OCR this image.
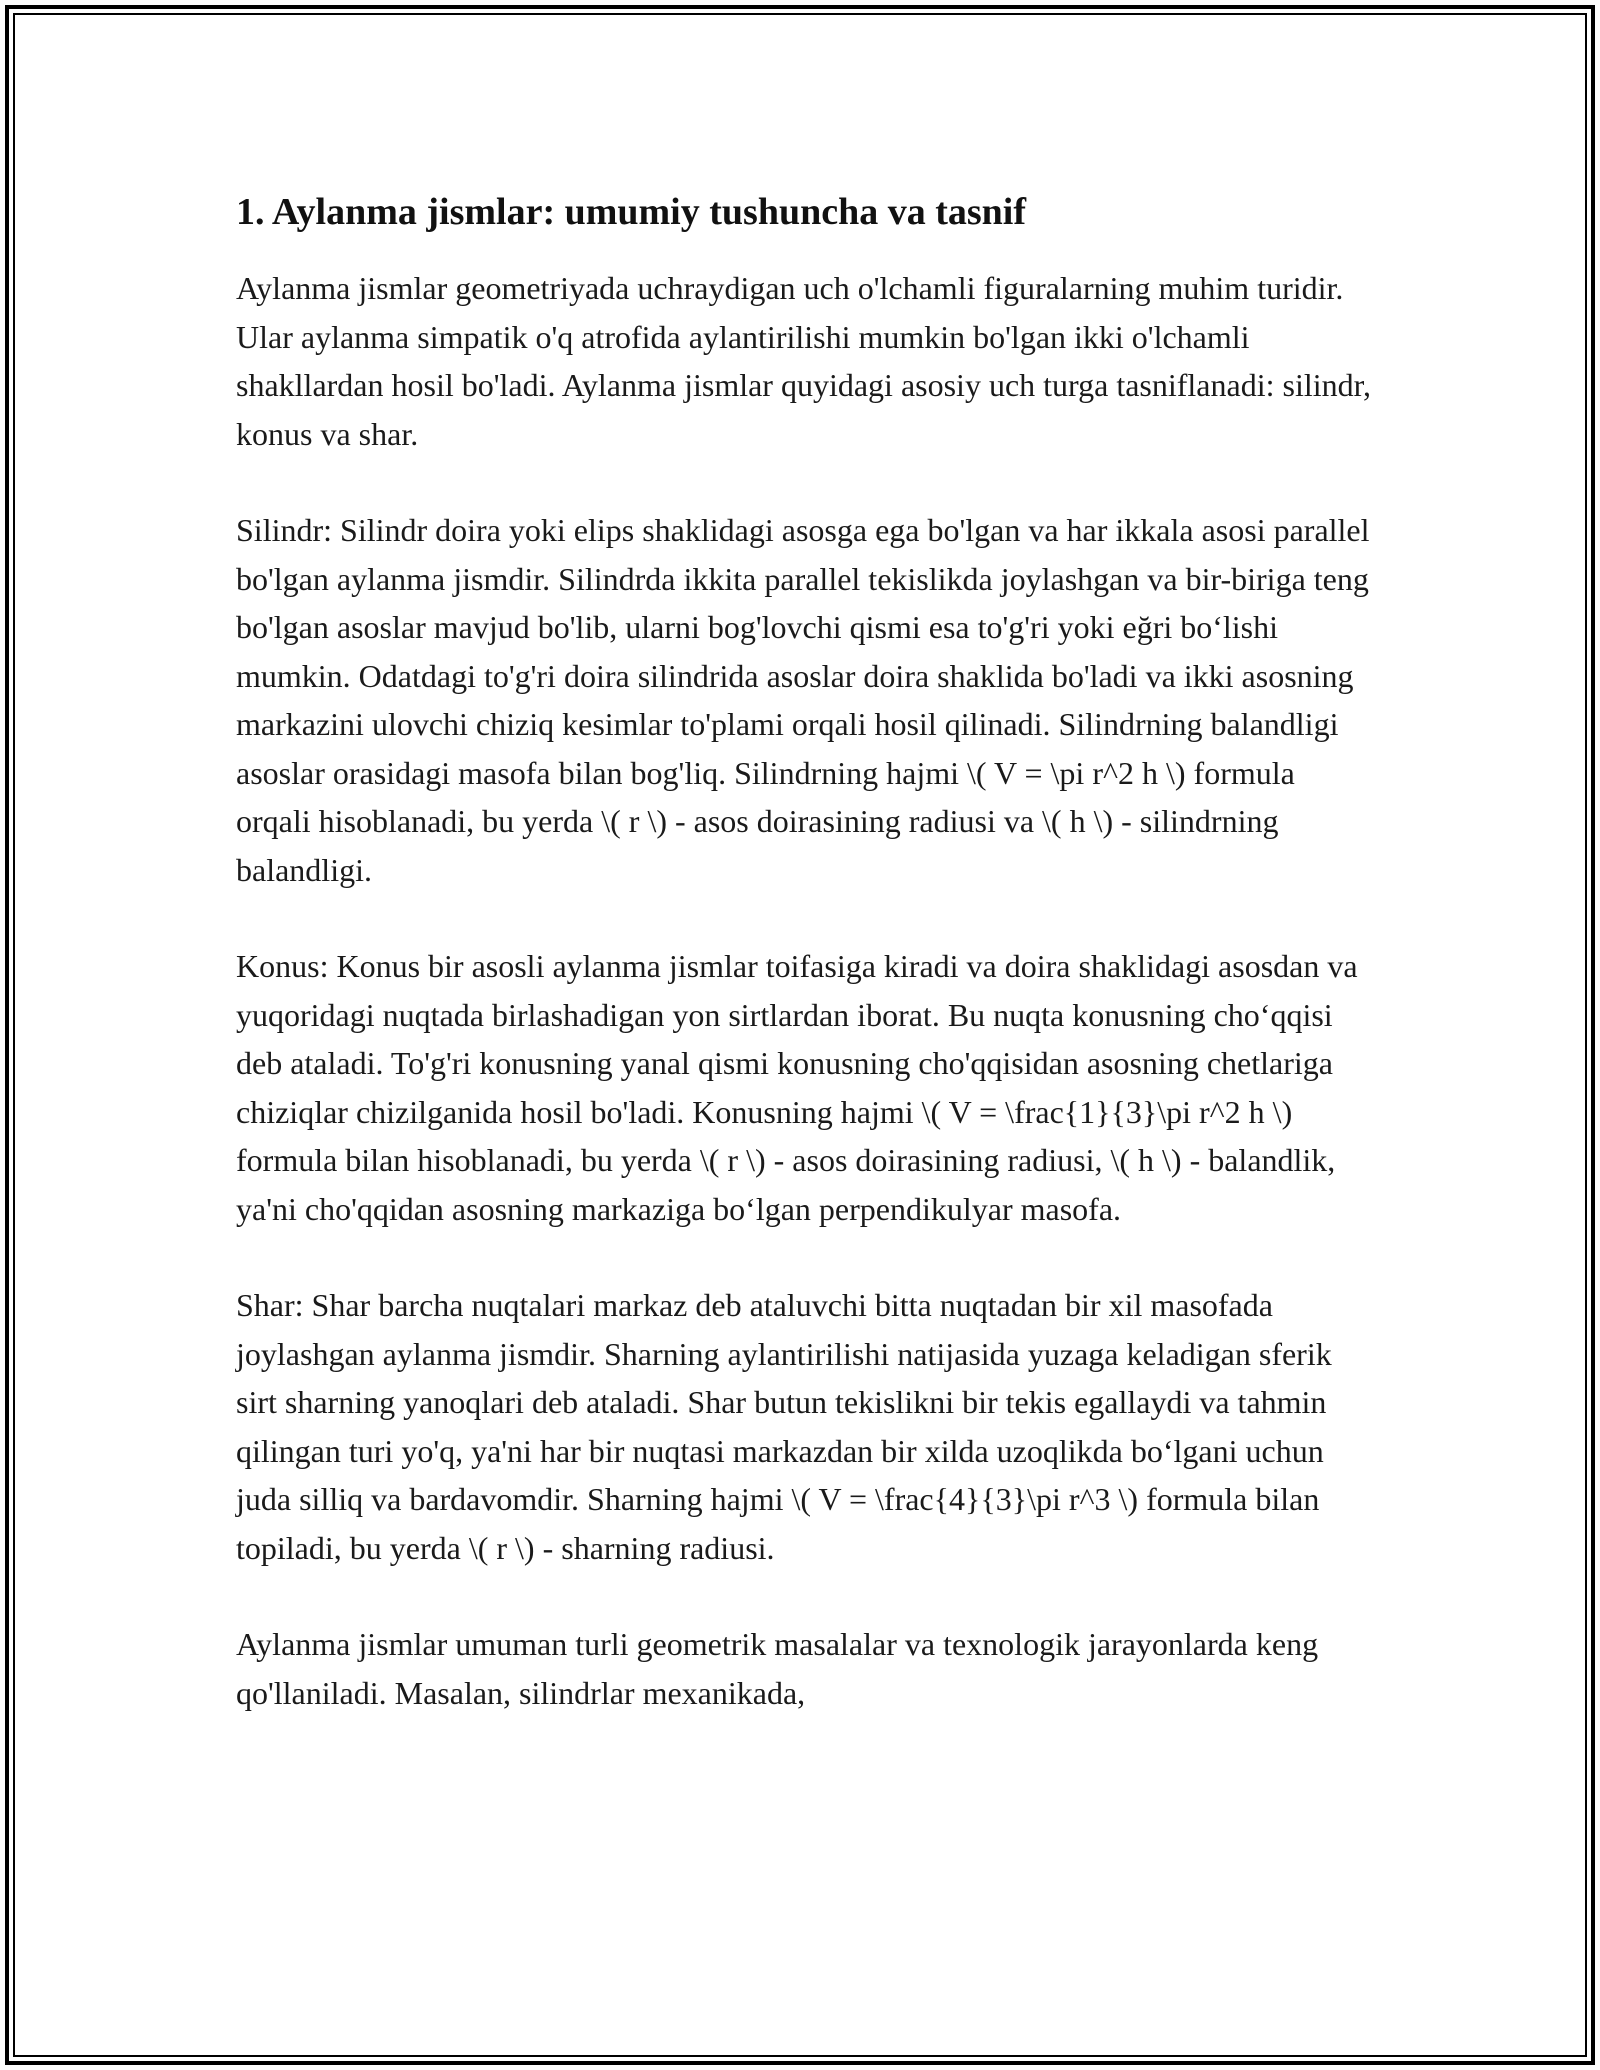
1. Aylanma jismlar: umumiy tushuncha va tasnif

Aylanma jismlar geometriyada uchraydigan uch o'lchamli figuralarning muhim turidir. Ular aylanma simpatik o'q atrofida aylantirilishi mumkin bo'lgan ikki o'lchamli shakllardan hosil bo'ladi. Aylanma jismlar quyidagi asosiy uch turga tasniflanadi: silindr, konus va shar.

Silindr: Silindr doira yoki elips shaklidagi asosga ega bo'lgan va har ikkala asosi parallel bo'lgan aylanma jismdir. Silindrda ikkita parallel tekislikda joylashgan va bir-biriga teng bo'lgan asoslar mavjud bo'lib, ularni bog'lovchi qismi esa to'g'ri yoki eğri bo‘lishi mumkin. Odatdagi to'g'ri doira silindrida asoslar doira shaklida bo'ladi va ikki asosning markazini ulovchi chiziq kesimlar to'plami orqali hosil qilinadi. Silindrning balandligi asoslar orasidagi masofa bilan bog'liq. Silindrning hajmi \( V = \pi r^2 h \) formula orqali hisoblanadi, bu yerda \( r \) - asos doirasining radiusi va \( h \) - silindrning balandligi.

Konus: Konus bir asosli aylanma jismlar toifasiga kiradi va doira shaklidagi asosdan va yuqoridagi nuqtada birlashadigan yon sirtlardan iborat. Bu nuqta konusning cho‘qqisi deb ataladi. To'g'ri konusning yanal qismi konusning cho'qqisidan asosning chetlariga chiziqlar chizilganida hosil bo'ladi. Konusning hajmi \( V = \frac{1}{3}\pi r^2 h \) formula bilan hisoblanadi, bu yerda \( r \) - asos doirasining radiusi, \( h \) - balandlik, ya'ni cho'qqidan asosning markaziga bo‘lgan perpendikulyar masofa.

Shar: Shar barcha nuqtalari markaz deb ataluvchi bitta nuqtadan bir xil masofada joylashgan aylanma jismdir. Sharning aylantirilishi natijasida yuzaga keladigan sferik sirt sharning yanoqlari deb ataladi. Shar butun tekislikni bir tekis egallaydi va tahmin qilingan turi yo'q, ya'ni har bir nuqtasi markazdan bir xilda uzoqlikda bo‘lgani uchun juda silliq va bardavomdir. Sharning hajmi \( V = \frac{4}{3}\pi r^3 \) formula bilan topiladi, bu yerda \( r \) - sharning radiusi.

Aylanma jismlar umuman turli geometrik masalalar va texnologik jarayonlarda keng qo'llaniladi. Masalan, silindrlar mexanikada,
